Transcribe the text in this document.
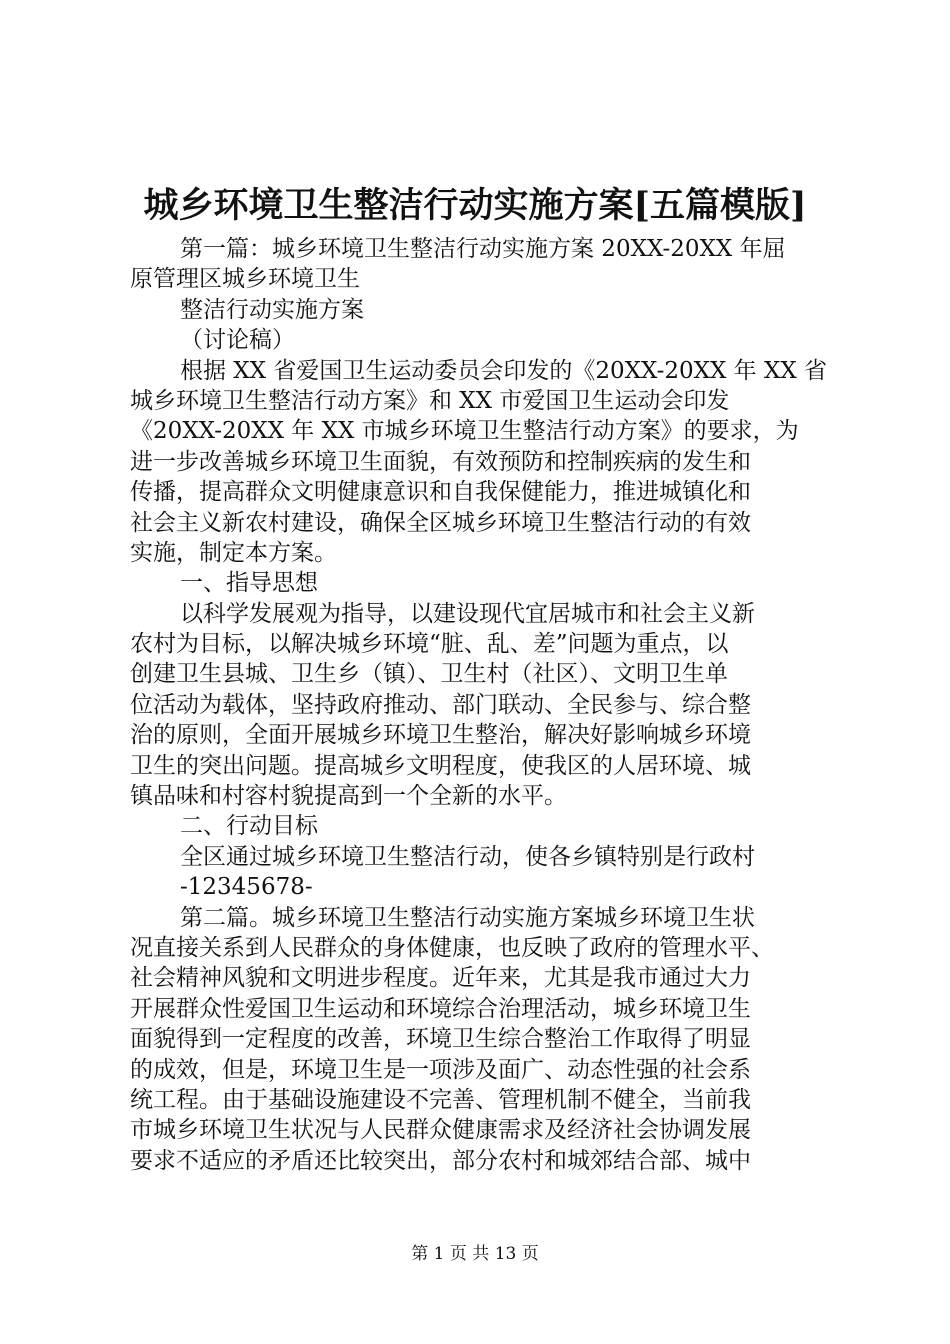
城乡环境卫生整洁行动实施方案[五篇模版]
第一篇：城乡环境卫生整洁行动实施方案 20XX-20XX 年屈
原管理区城乡环境卫生
整洁行动实施方案
（讨论稿）
根据 XX 省爱国卫生运动委员会印发的《20XX-20XX 年 XX 省
城乡环境卫生整洁行动方案》和 XX 市爱国卫生运动会印发
《20XX-20XX 年 XX 市城乡环境卫生整洁行动方案》的要求，为
进一步改善城乡环境卫生面貌，有效预防和控制疾病的发生和
传播，提高群众文明健康意识和自我保健能力，推进城镇化和
社会主义新农村建设，确保全区城乡环境卫生整洁行动的有效
实施，制定本方案。
一、指导思想
以科学发展观为指导，以建设现代宜居城市和社会主义新
农村为目标，以解决城乡环境“脏、乱、差”问题为重点，以
创建卫生县城、卫生乡（镇）、卫生村（社区）、文明卫生单
位活动为载体，坚持政府推动、部门联动、全民参与、综合整
治的原则，全面开展城乡环境卫生整治，解决好影响城乡环境
卫生的突出问题。提高城乡文明程度，使我区的人居环境、城
镇品味和村容村貌提高到一个全新的水平。
二、行动目标
全区通过城乡环境卫生整洁行动，使各乡镇特别是行政村
-12345678-
第二篇。城乡环境卫生整洁行动实施方案城乡环境卫生状
况直接关系到人民群众的身体健康，也反映了政府的管理水平、
社会精神风貌和文明进步程度。近年来，尤其是我市通过大力
开展群众性爱国卫生运动和环境综合治理活动，城乡环境卫生
面貌得到一定程度的改善，环境卫生综合整治工作取得了明显
的成效，但是，环境卫生是一项涉及面广、动态性强的社会系
统工程。由于基础设施建设不完善、管理机制不健全，当前我
市城乡环境卫生状况与人民群众健康需求及经济社会协调发展
要求不适应的矛盾还比较突出，部分农村和城郊结合部、城中
第 1 页 共 13 页
